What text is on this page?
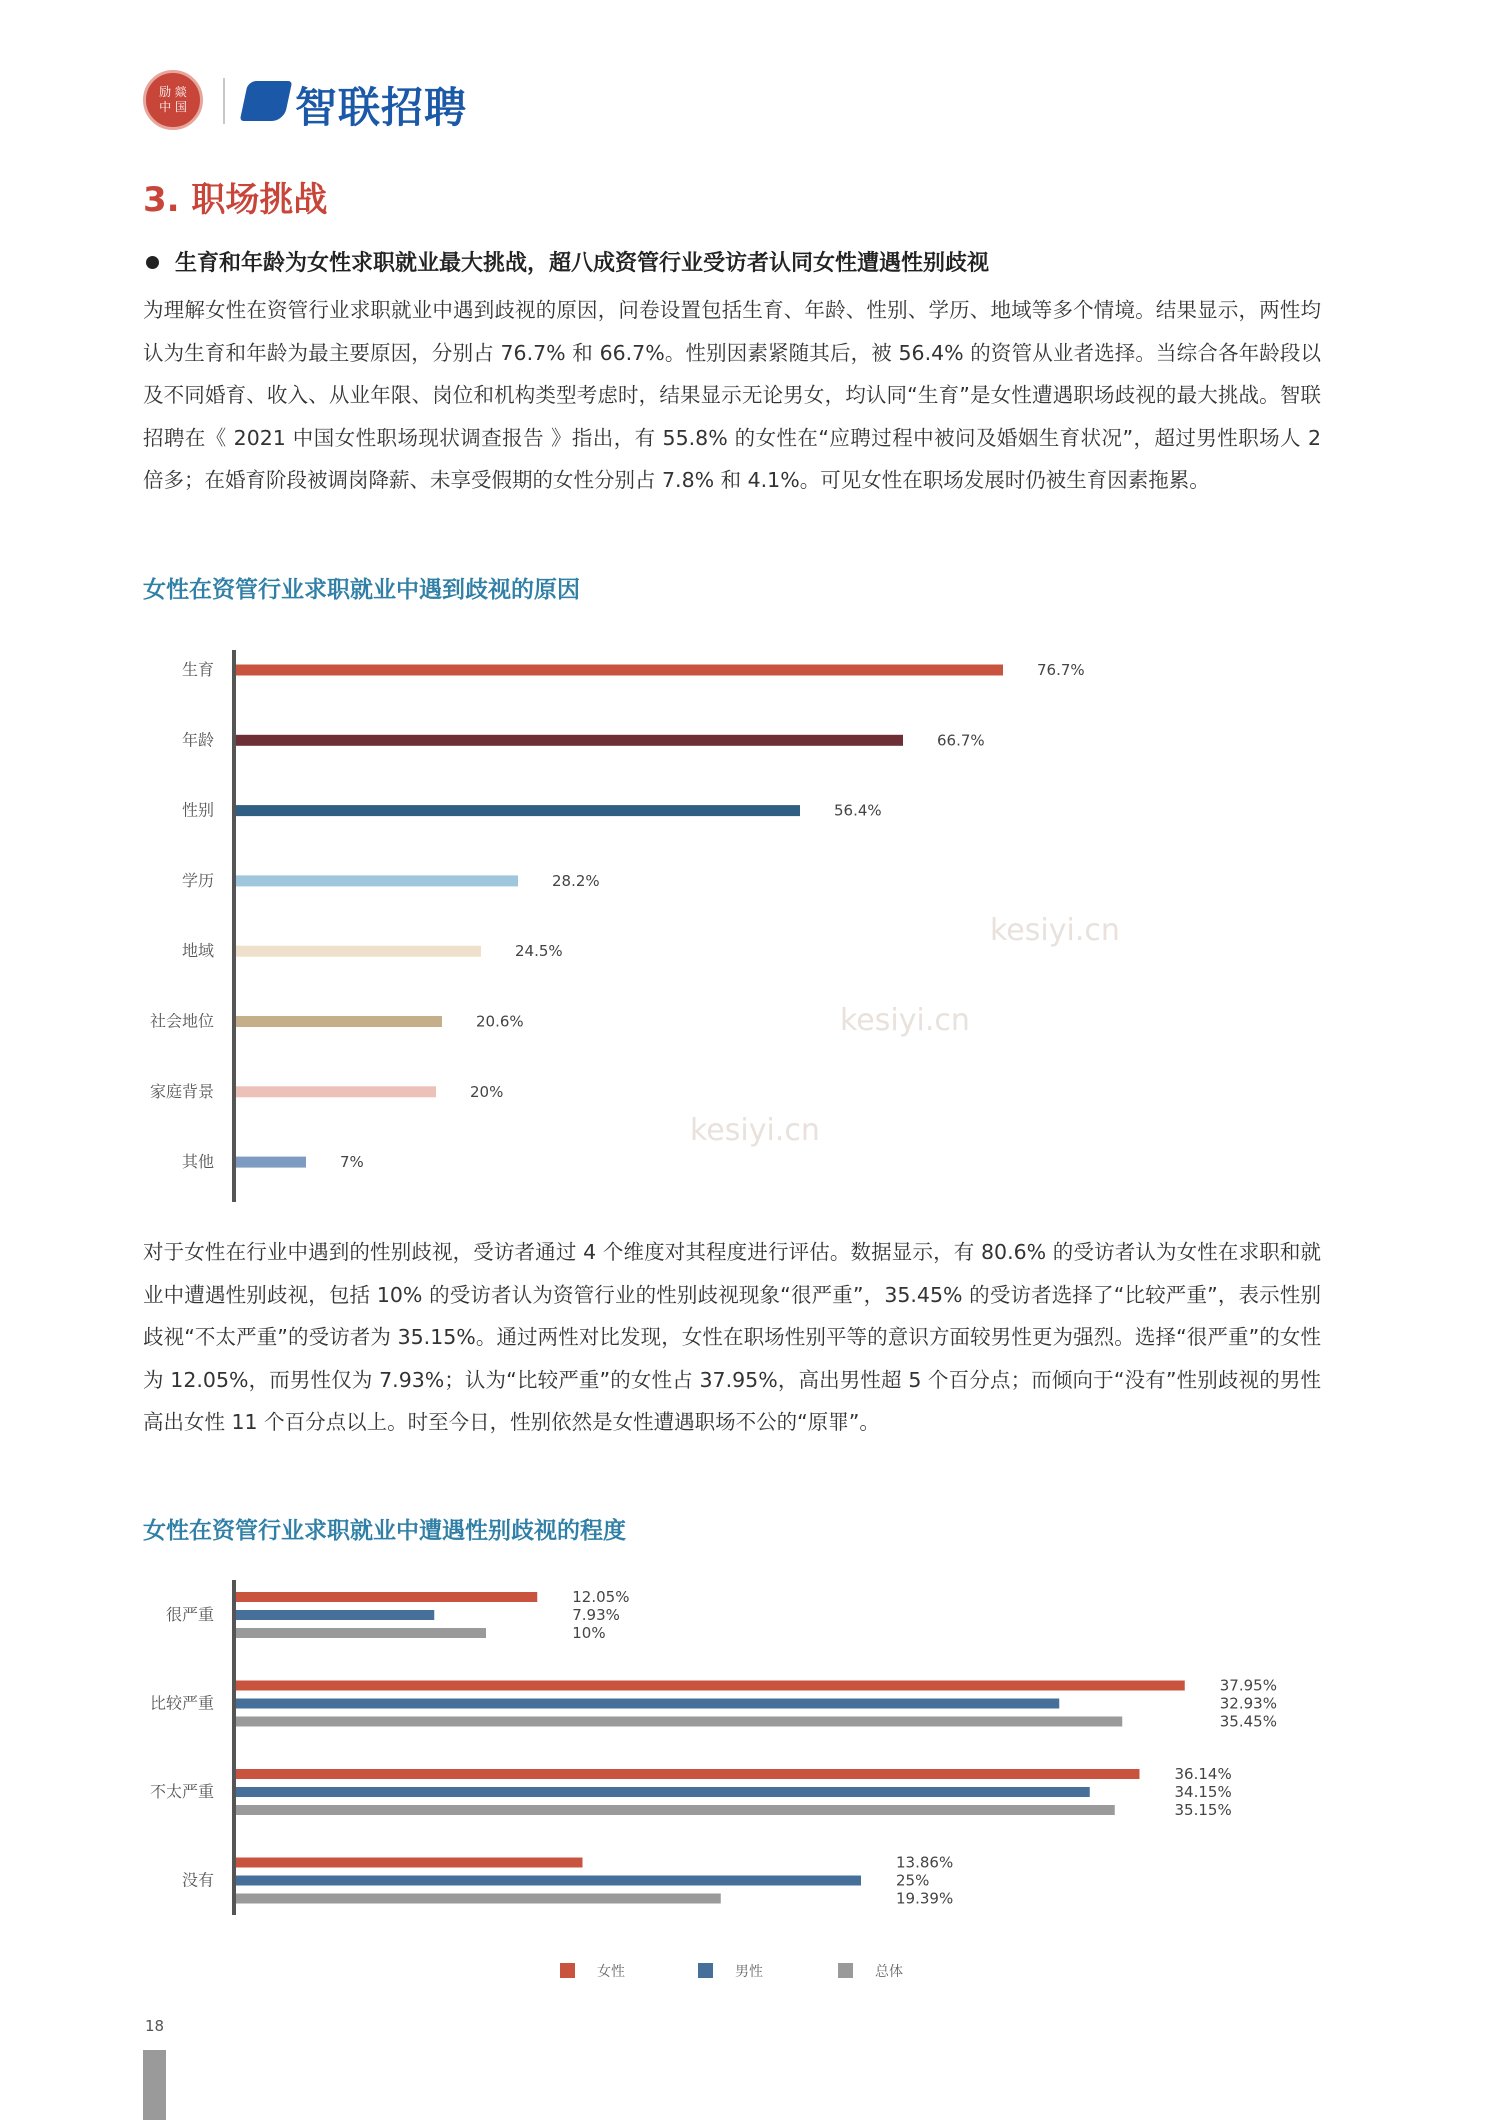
励 燚
中 国	智联招聘
3. 职场挑战
生育和年龄为女性求职就业最大挑战，超八成资管行业受访者认同女性遭遇性别歧视
为理解女性在资管行业求职就业中遇到歧视的原因，问卷设置包括生育、年龄、性别、学历、地域等多个情境。结果显示，两性均认为生育和年龄为最主要原因，分别占 76.7% 和 66.7%。性别因素紧随其后，被 56.4% 的资管从业者选择。当综合各年龄段以及不同婚育、收入、从业年限、岗位和机构类型考虑时，结果显示无论男女，均认同“生育”是女性遭遇职场歧视的最大挑战。智联招聘在《 2021 中国女性职场现状调查报告 》指出，有 55.8% 的女性在“应聘过程中被问及婚姻生育状况”，超过男性职场人 2 倍多；在婚育阶段被调岗降薪、未享受假期的女性分别占 7.8% 和 4.1%。可见女性在职场发展时仍被生育因素拖累。
女性在资管行业求职就业中遇到歧视的原因
kesiyi.cn
kesiyi.cn
kesiyi.cn
生育	76.7%
年龄	66.7%
性别	56.4%
学历	28.2%
地域	24.5%
社会地位	20.6%
家庭背景	20%
其他	7%
对于女性在行业中遇到的性别歧视，受访者通过 4 个维度对其程度进行评估。数据显示，有 80.6% 的受访者认为女性在求职和就业中遭遇性别歧视，包括 10% 的受访者认为资管行业的性别歧视现象“很严重”，35.45% 的受访者选择了“比较严重”，表示性别歧视“不太严重”的受访者为 35.15%。通过两性对比发现，女性在职场性别平等的意识方面较男性更为强烈。选择“很严重”的女性为 12.05%，而男性仅为 7.93%；认为“比较严重”的女性占 37.95%，高出男性超 5 个百分点；而倾向于“没有”性别歧视的男性高出女性 11 个百分点以上。时至今日，性别依然是女性遭遇职场不公的“原罪”。
女性在资管行业求职就业中遭遇性别歧视的程度
很严重
12.05%
7.93%
10%
比较严重
37.95%
32.93%
35.45%
不太严重
36.14%
34.15%
35.15%
没有
13.86%
25%
19.39%
女性	男性	总体
18
